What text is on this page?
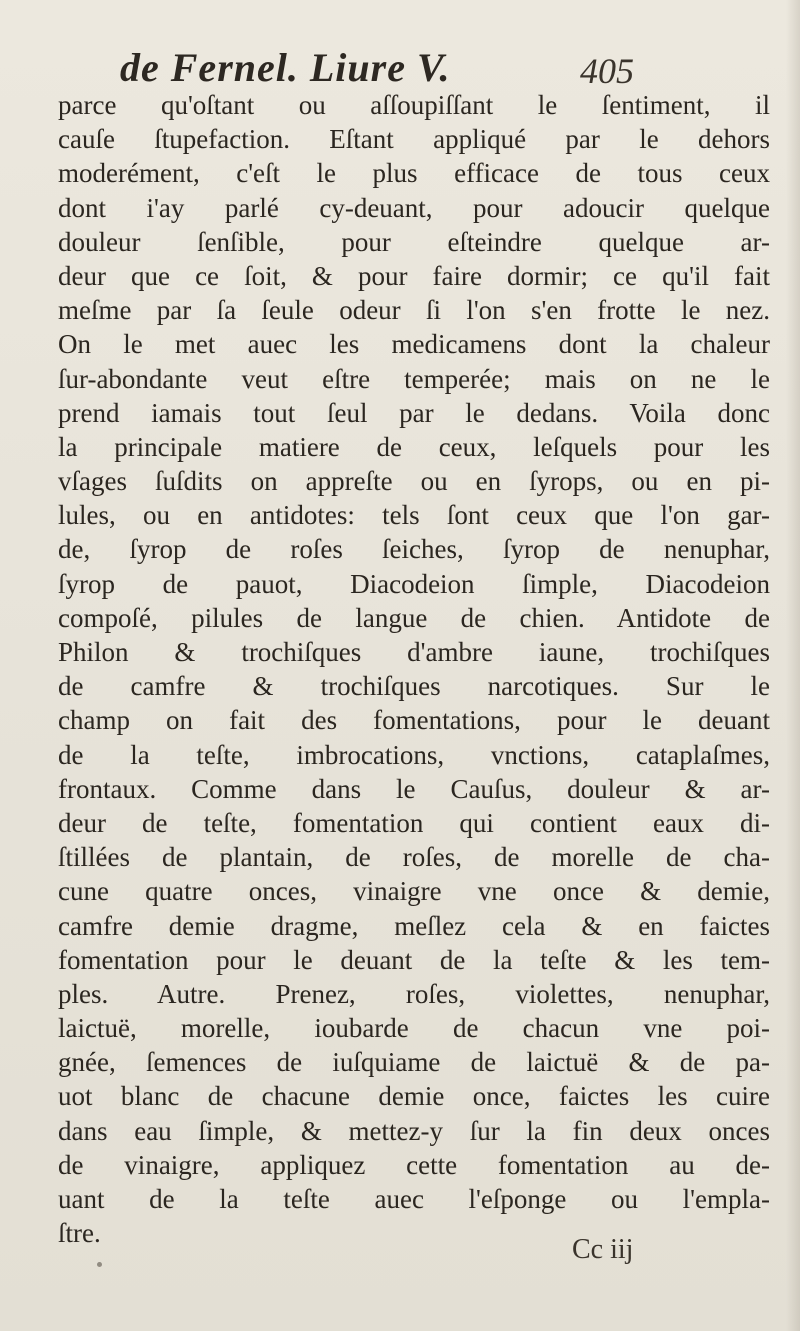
de Fernel. Liure V.	405
parce qu'oſtant ou aſſoupiſſant le ſentiment, il
cauſe ſtupefaction. Eſtant appliqué par le dehors
moderément, c'eſt le plus efficace de tous ceux
dont i'ay parlé cy-deuant, pour adoucir quelque
douleur ſenſible, pour eſteindre quelque ar-
deur que ce ſoit, & pour faire dormir; ce qu'il fait
meſme par ſa ſeule odeur ſi l'on s'en frotte le nez.
On le met auec les medicamens dont la chaleur
ſur-abondante veut eſtre temperée; mais on ne le
prend iamais tout ſeul par le dedans. Voila donc
la principale matiere de ceux, leſquels pour les
vſages ſuſdits on appreſte ou en ſyrops, ou en pi-
lules, ou en antidotes: tels ſont ceux que l'on gar-
de, ſyrop de roſes ſeiches, ſyrop de nenuphar,
ſyrop de pauot, Diacodeion ſimple, Diacodeion
compoſé, pilules de langue de chien. Antidote de
Philon & trochiſques d'ambre iaune, trochiſques
de camfre & trochiſques narcotiques. Sur le
champ on fait des fomentations, pour le deuant
de la teſte, imbrocations, vnctions, cataplaſmes,
frontaux. Comme dans le Cauſus, douleur & ar-
deur de teſte, fomentation qui contient eaux di-
ſtillées de plantain, de roſes, de morelle de cha-
cune quatre onces, vinaigre vne once & demie,
camfre demie dragme, meſlez cela & en faictes
fomentation pour le deuant de la teſte & les tem-
ples. Autre. Prenez, roſes, violettes, nenuphar,
laictuë, morelle, ioubarde de chacun vne poi-
gnée, ſemences de iuſquiame de laictuë & de pa-
uot blanc de chacune demie once, faictes les cuire
dans eau ſimple, & mettez-y ſur la fin deux onces
de vinaigre, appliquez cette fomentation au de-
uant de la teſte auec l'eſponge ou l'empla-
ſtre.
Cc iij
